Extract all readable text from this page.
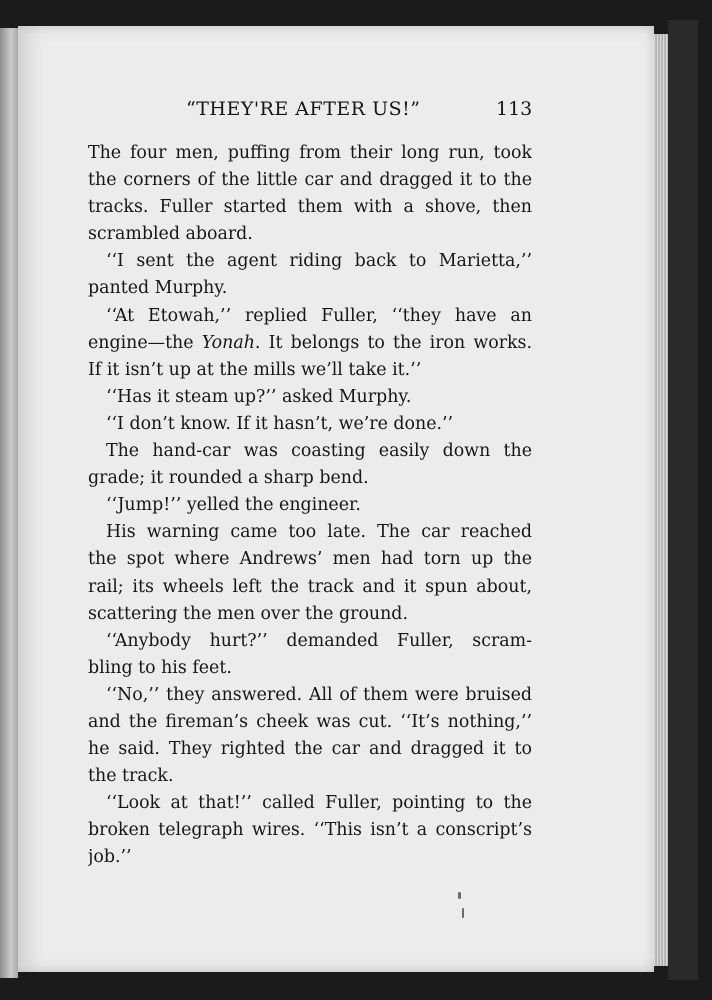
“THEY'RE AFTER US!”	113
The four men, puffing from their long run, took
the corners of the little car and dragged it to the
tracks. Fuller started them with a shove, then
scrambled aboard.
‘‘I sent the agent riding back to Marietta,’’
panted Murphy.
‘‘At Etowah,’’ replied Fuller, ‘‘they have an
engine—the Yonah. It belongs to the iron works.
If it isn’t up at the mills we’ll take it.’’
‘‘Has it steam up?’’ asked Murphy.
‘‘I don’t know. If it hasn’t, we’re done.’’
The hand-car was coasting easily down the
grade; it rounded a sharp bend.
‘‘Jump!’’ yelled the engineer.
His warning came too late. The car reached
the spot where Andrews’ men had torn up the
rail; its wheels left the track and it spun about,
scattering the men over the ground.
‘‘Anybody hurt?’’ demanded Fuller, scram-
bling to his feet.
‘‘No,’’ they answered. All of them were bruised
and the fireman’s cheek was cut. ‘‘It’s nothing,’’
he said. They righted the car and dragged it to
the track.
‘‘Look at that!’’ called Fuller, pointing to the
broken telegraph wires. ‘‘This isn’t a conscript’s
job.’’
